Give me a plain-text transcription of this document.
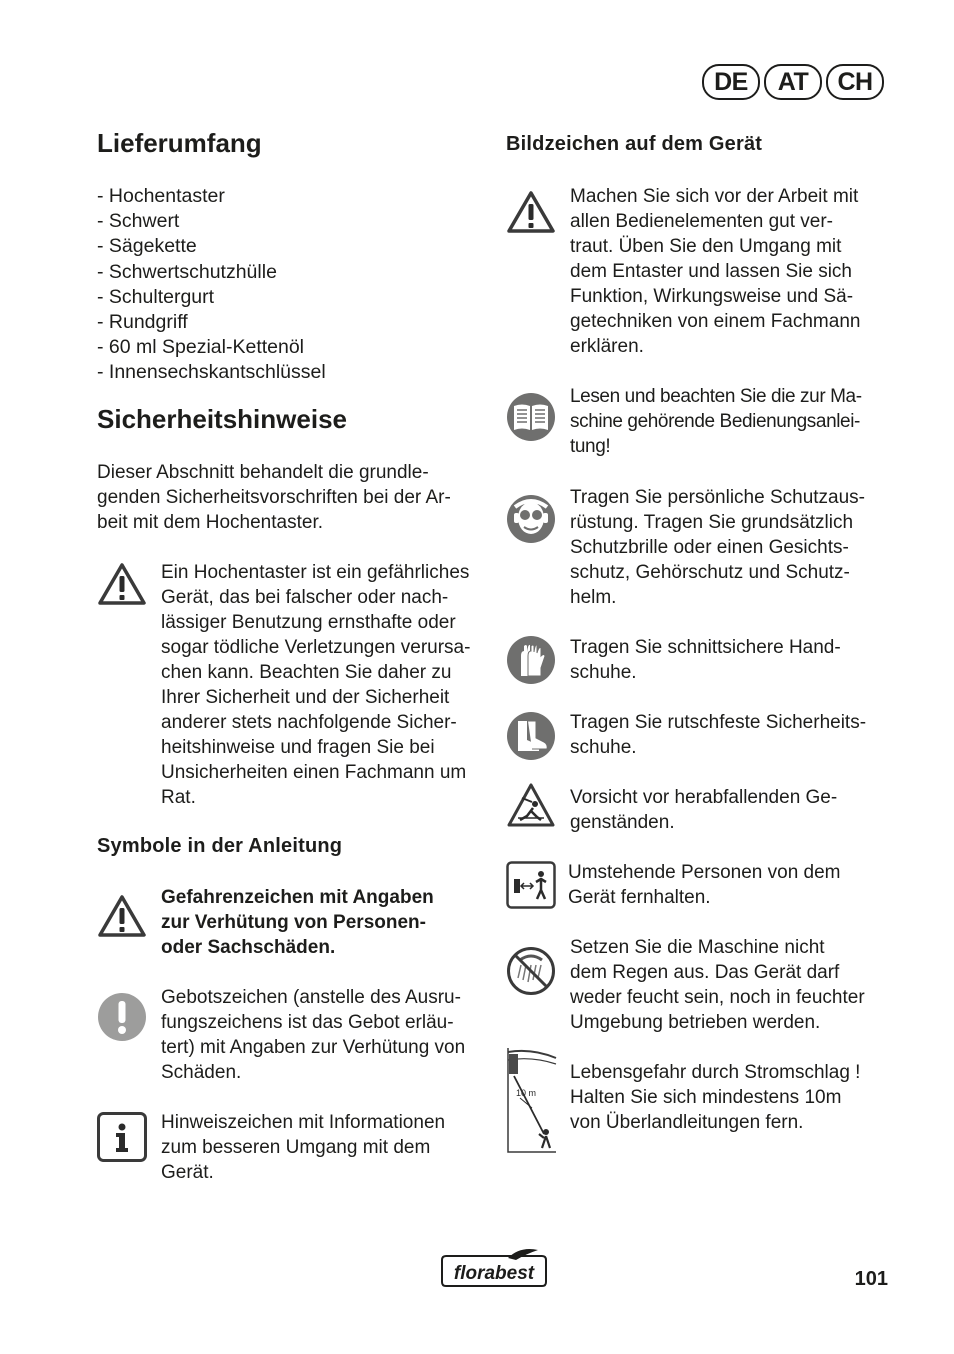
DE	AT	CH
Lieferumfang
- Hochentaster
- Schwert
- Sägekette
- Schwertschutzhülle
- Schultergurt
- Rundgriff
- 60 ml Spezial-Kettenöl
- Innensechskantschlüssel
Sicherheitshinweise

Dieser Abschnitt behandelt die grundle-
genden Sicherheitsvorschriften bei der Ar-
beit mit dem Hochentaster.

Ein Hochentaster ist ein gefährliches
Gerät, das bei falscher oder nach-
lässiger Benutzung ernsthafte oder
sogar tödliche Verletzungen verursa-
chen kann. Beachten Sie daher zu
Ihrer Sicherheit und der Sicherheit
anderer stets nachfolgende Sicher-
heitshinweise und fragen Sie bei
Unsicherheiten einen Fachmann um
Rat.

Symbole in der Anleitung

Gefahrenzeichen mit Angaben
zur Verhütung von Personen-
oder Sachschäden.

Gebotszeichen (anstelle des Ausru-
fungszeichens ist das Gebot erläu-
tert) mit Angaben zur Verhütung von
Schäden.

Hinweiszeichen mit Informationen
zum besseren Umgang mit dem
Gerät.

Bildzeichen auf dem Gerät

Machen Sie sich vor der Arbeit mit
allen Bedienelementen gut ver-
traut. Üben Sie den Umgang mit
dem Entaster und lassen Sie sich
Funktion, Wirkungsweise und Sä-
getechniken von einem Fachmann
erklären.

Lesen und beachten Sie die zur Ma-
schine gehörende Bedienungsanlei-
tung!

Tragen Sie persönliche Schutzaus-
rüstung. Tragen Sie grundsätzlich
Schutzbrille oder einen Gesichts-
schutz, Gehörschutz und Schutz-
helm.

Tragen Sie schnittsichere Hand-
schuhe.

Tragen Sie rutschfeste Sicherheits-
schuhe.

Vorsicht vor herabfallenden Ge-
genständen.

Umstehende Personen von dem
Gerät fernhalten.

Setzen Sie die Maschine nicht
dem Regen aus. Das Gerät darf
weder feucht sein, noch in feuchter
Umgebung betrieben werden.

10 m

Lebensgefahr durch Stromschlag !
Halten Sie sich mindestens 10m
von Überlandleitungen fern.

florabest	101
